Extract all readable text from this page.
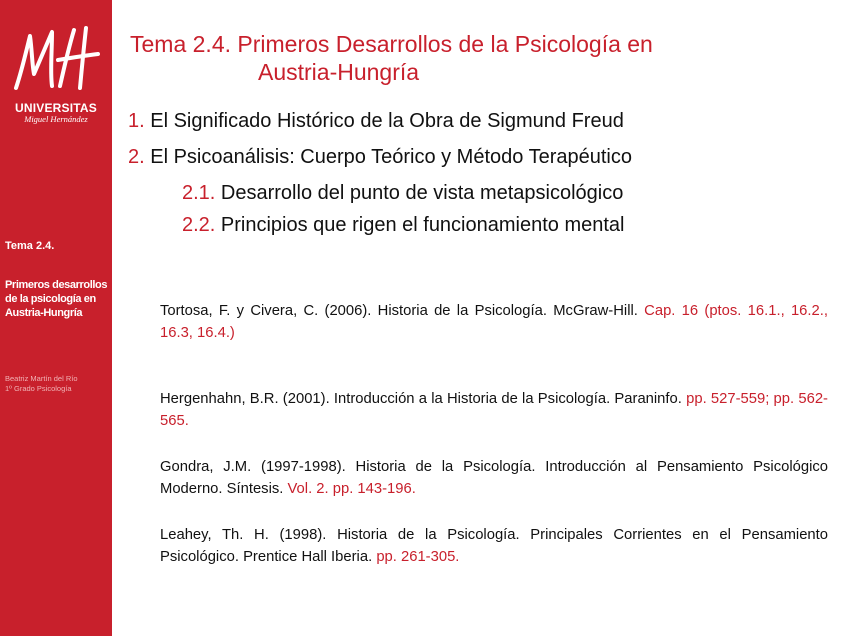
UNIVERSITAS
Miguel Hernández
Tema 2.4.
Primeros desarrollos de la psicología en Austria-Hungría
Beatriz Martín del Río
1º Grado Psicología
Tema 2.4. Primeros Desarrollos de la Psicología en
Austria-Hungría
1. El Significado Histórico de la Obra de Sigmund Freud
2. El Psicoanálisis: Cuerpo Teórico y Método Terapéutico
2.1. Desarrollo del punto de vista metapsicológico
2.2. Principios que rigen el funcionamiento mental
Tortosa, F. y Civera, C. (2006). Historia de la Psicología. McGraw-Hill. Cap. 16 (ptos. 16.1., 16.2., 16.3, 16.4.)
Hergenhahn, B.R. (2001). Introducción a la Historia de la Psicología. Paraninfo. pp. 527-559; pp. 562-565.
Gondra, J.M. (1997-1998). Historia de la Psicología. Introducción al Pensamiento Psicológico Moderno. Síntesis. Vol. 2. pp. 143-196.
Leahey, Th. H. (1998). Historia de la Psicología. Principales Corrientes en el Pensamiento Psicológico. Prentice Hall Iberia. pp. 261-305.
